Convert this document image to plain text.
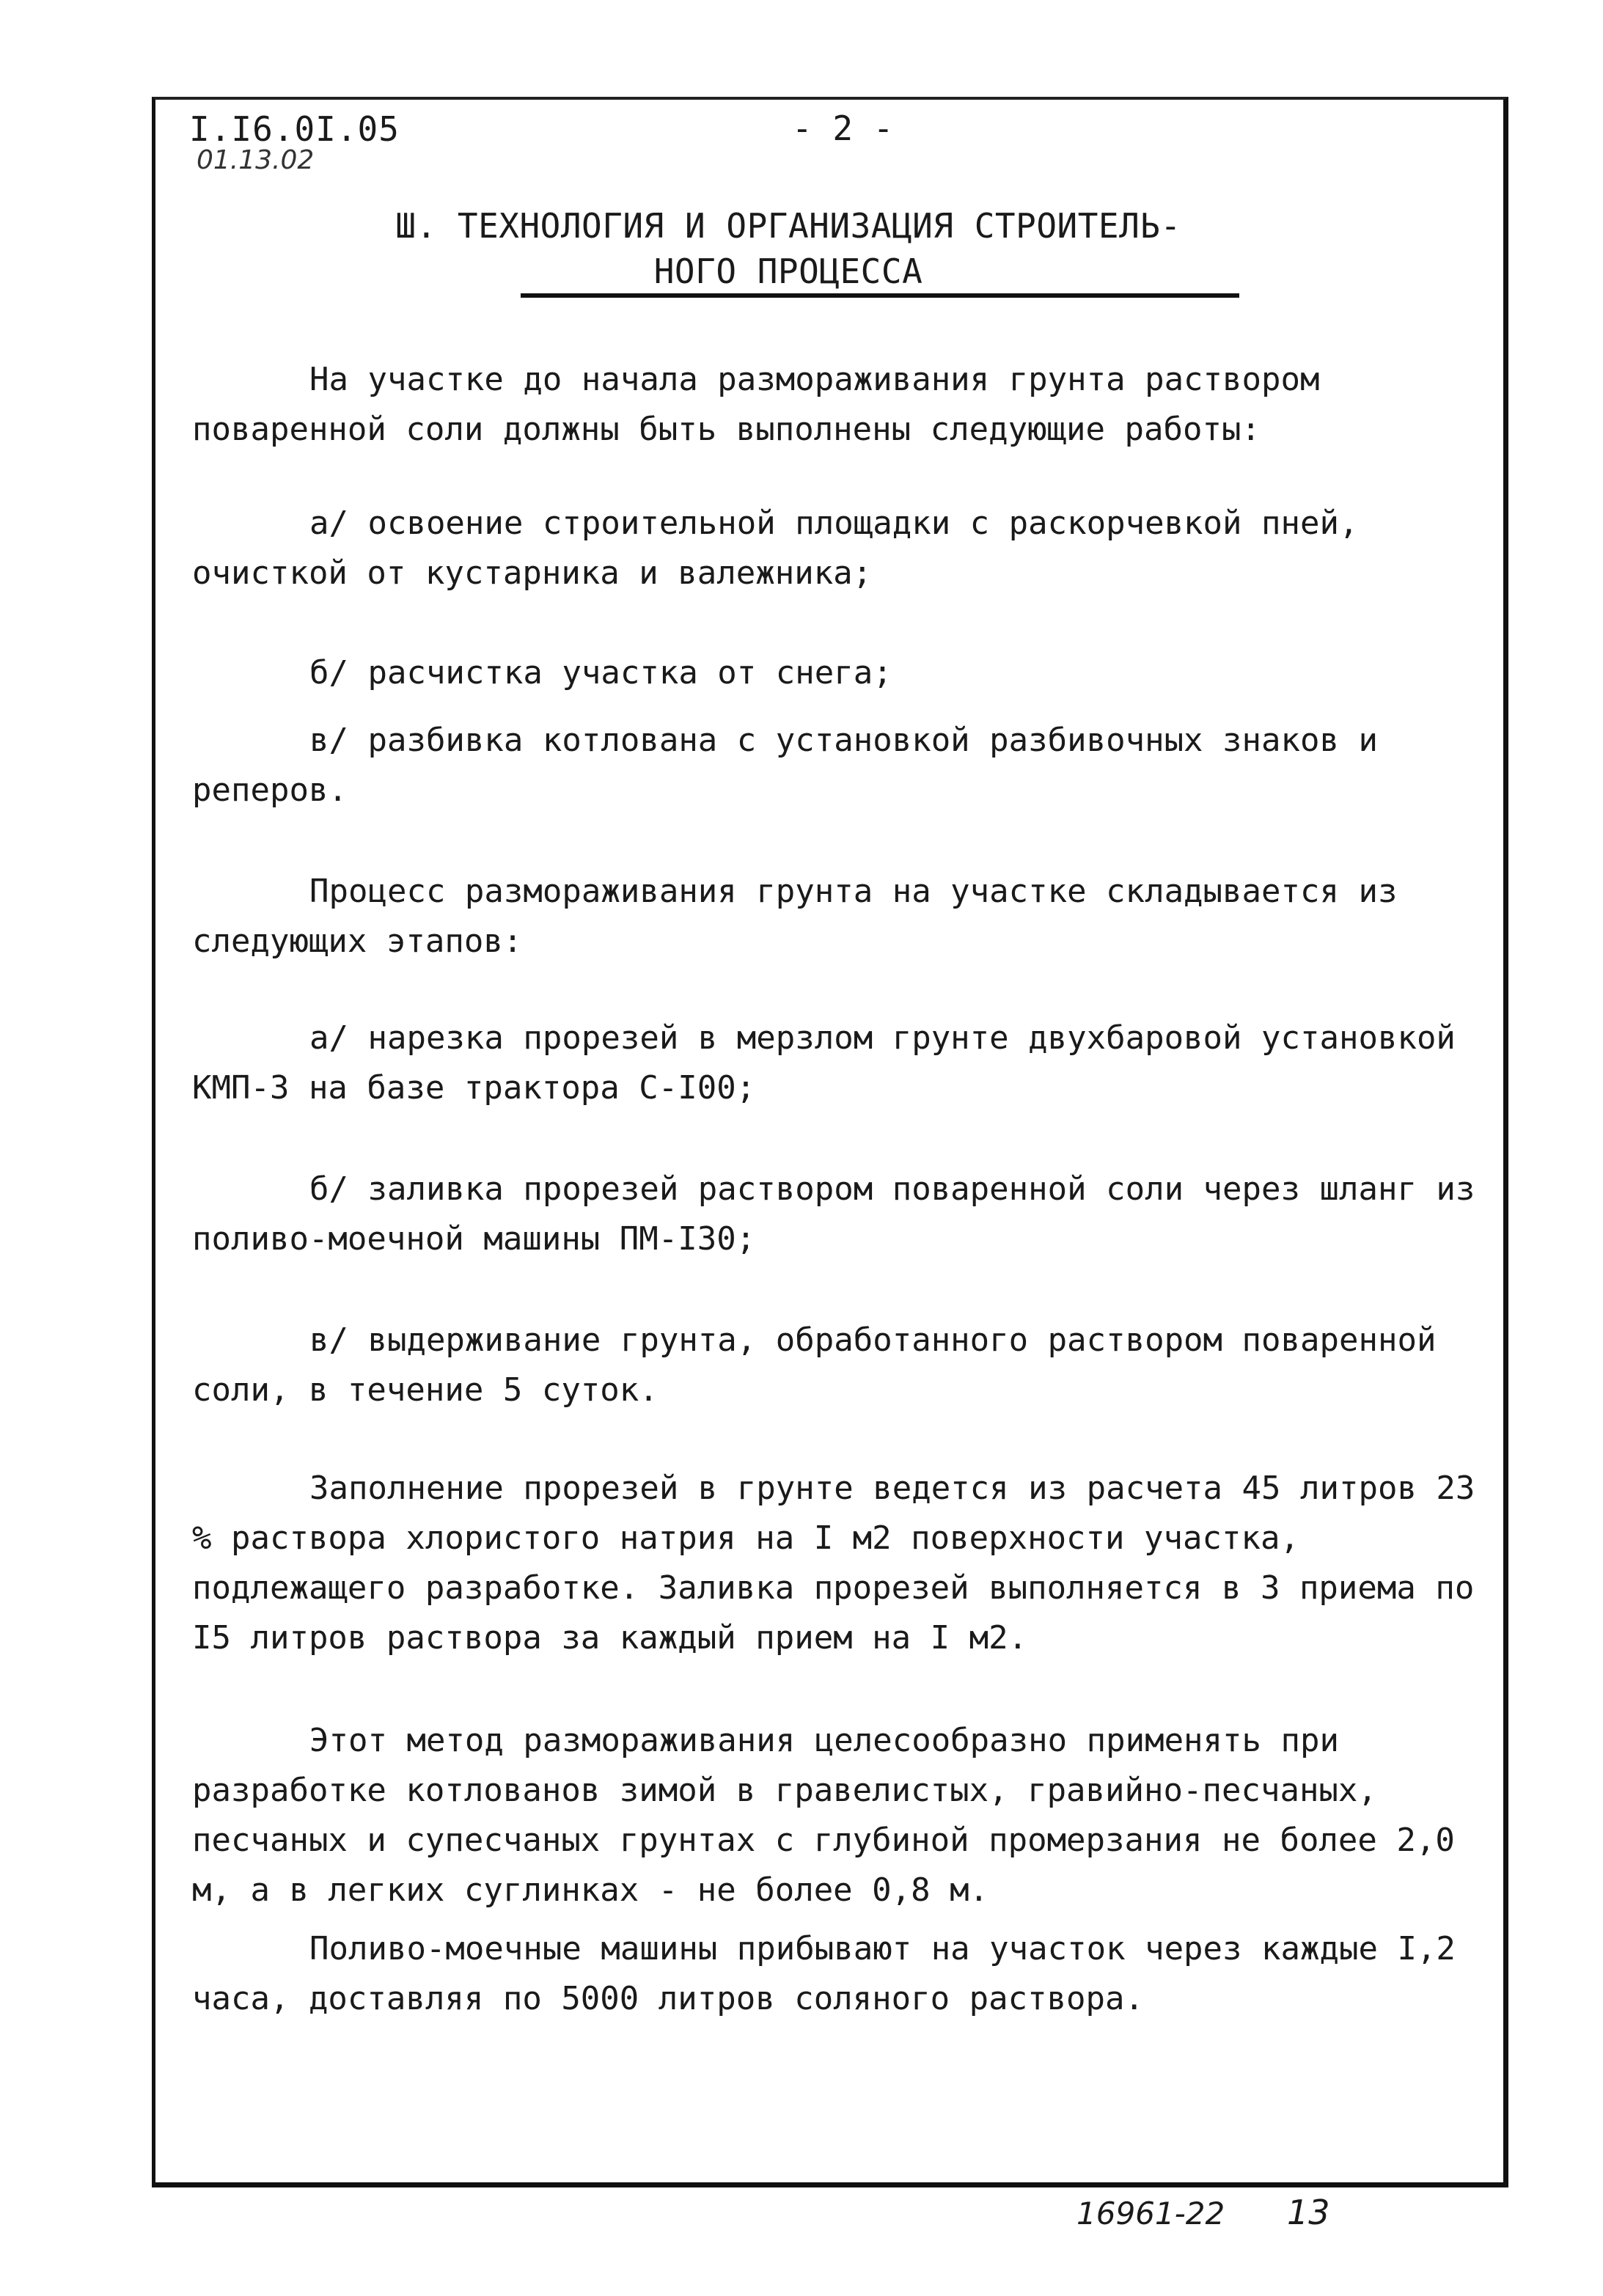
I.I6.0I.05
01.13.02
- 2 -
Ш. ТЕХНОЛОГИЯ И ОРГАНИЗАЦИЯ СТРОИТЕЛЬ-
НОГО ПРОЦЕССА
На участке до начала размораживания грунта раствором поваренной соли должны быть выполнены следующие работы:
а/ освоение строительной площадки с раскорчевкой пней, очисткой от кустарника и валежника;
б/ расчистка участка от снега;
в/ разбивка котлована с установкой разбивочных знаков и реперов.
Процесс размораживания грунта на участке складывается из следующих этапов:
а/ нарезка прорезей в мерзлом грунте двухбаровой установкой КМП-3 на базе трактора С-I00;
б/ заливка прорезей раствором поваренной соли через шланг из поливо-моечной машины ПМ-I30;
в/ выдерживание грунта, обработанного раствором поваренной соли, в течение 5 суток.
Заполнение прорезей в грунте ведется из расчета 45 литров 23 % раствора хлористого натрия на I м2 поверхности участка, подлежащего разработке. Заливка прорезей выполняется в 3 приема по I5 литров раствора за каждый прием на I м2.
Этот метод размораживания целесообразно применять при разработке котлованов зимой в гравелистых, гравийно-песчаных, песчаных и супесчаных грунтах с глубиной промерзания не более 2,0 м, а в легких суглинках - не более 0,8 м.
Поливо-моечные машины прибывают на участок через каждые I,2 часа, доставляя по 5000 литров соляного раствора.
16961-22 13
